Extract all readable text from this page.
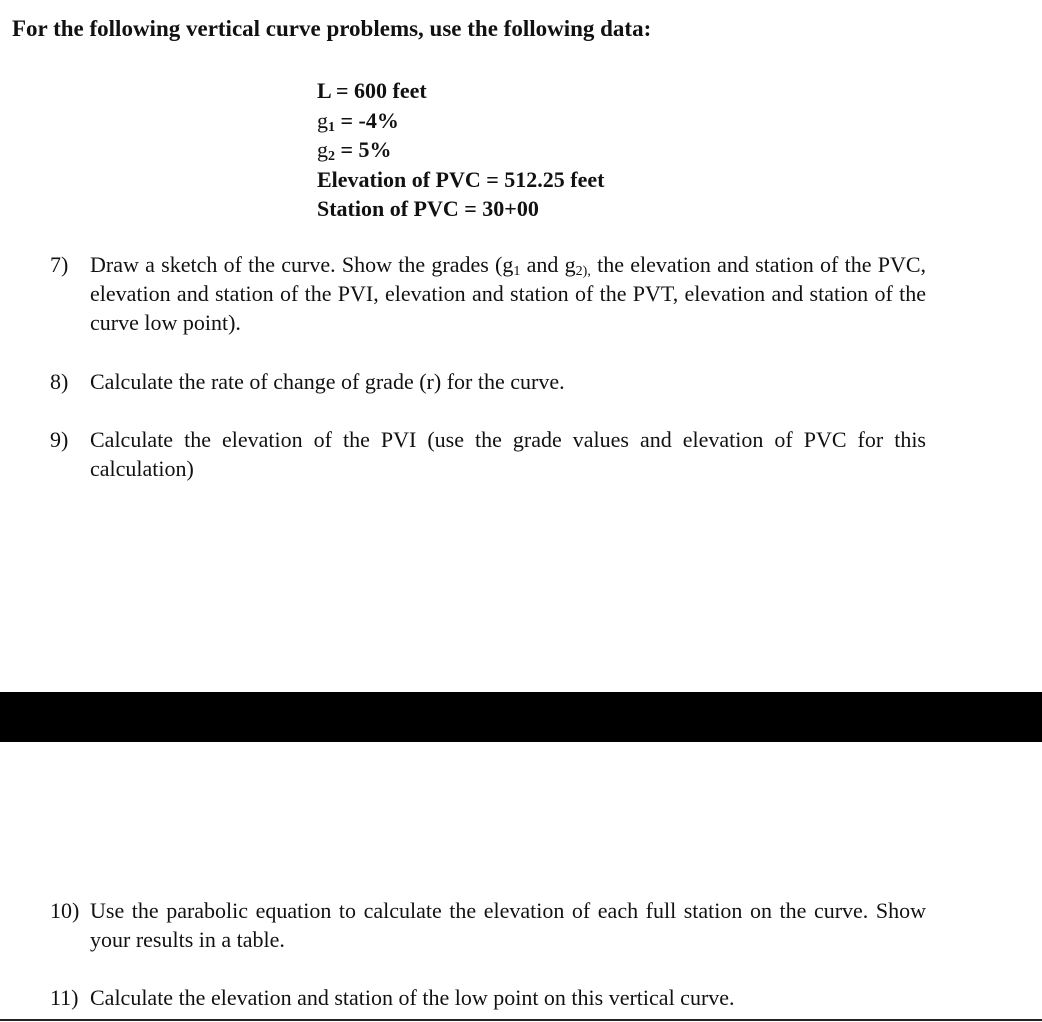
For the following vertical curve problems, use the following data:
L = 600 feet
$g_1 = -4\%$
$g_2 = 5\%$
Elevation of PVC = 512.25 feet
Station of PVC = 30+00
7) Draw a sketch of the curve. Show the grades ($g_1$ and $g_{2),}$ the elevation and station of the PVC, elevation and station of the PVI, elevation and station of the PVT, elevation and station of the curve low point).
8) Calculate the rate of change of grade (r) for the curve.
9) Calculate the elevation of the PVI (use the grade values and elevation of PVC for this calculation)
10) Use the parabolic equation to calculate the elevation of each full station on the curve. Show your results in a table.
11) Calculate the elevation and station of the low point on this vertical curve.
